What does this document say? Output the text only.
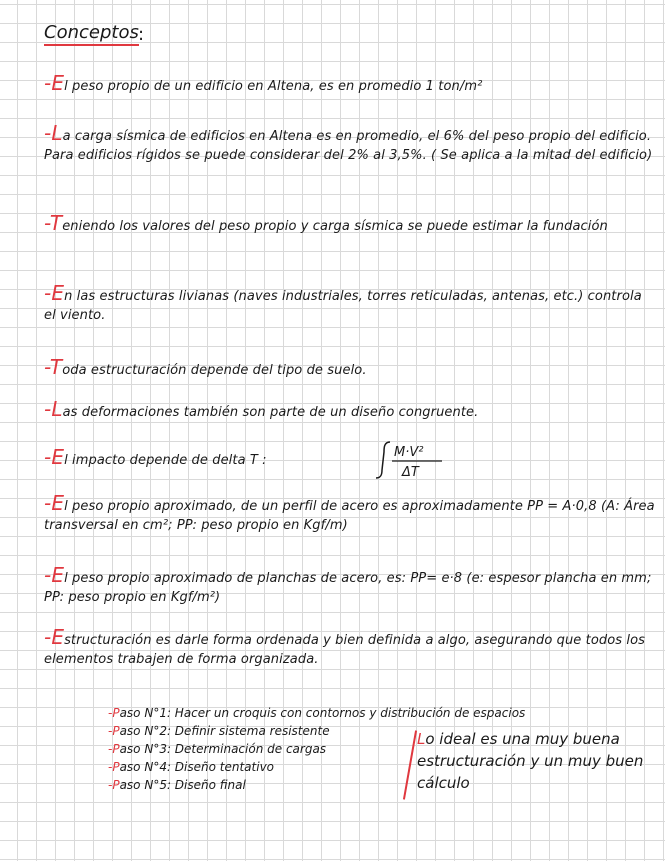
Conceptos :
-El peso propio de un edificio en Altena, es en promedio 1 ton/m²
-La carga sísmica de edificios en Altena es en promedio, el 6% del peso propio del edificio. Para edificios rígidos se puede considerar del 2% al 3,5%. ( Se aplica a la mitad del edificio)
-Teniendo los valores del peso propio y carga sísmica se puede estimar la fundación
-En las estructuras livianas (naves industriales, torres reticuladas, antenas, etc.) controla el viento.
-Toda estructuración depende del tipo de suelo.
-Las deformaciones también son parte de un diseño congruente.
-El impacto depende de delta T :
M·V²
ΔT
-El peso propio aproximado, de un perfil de acero es aproximadamente PP = A·0,8 (A: Área transversal en cm²; PP: peso propio en Kgf/m)
-El peso propio aproximado de planchas de acero, es: PP= e·8 (e: espesor plancha en mm; PP: peso propio en Kgf/m²)
-Estructuración es darle forma ordenada y bien definida a algo, asegurando que todos los elementos trabajen de forma organizada.
-Paso N°1: Hacer un croquis con contornos y distribución de espacios
-Paso N°2: Definir sistema resistente
-Paso N°3: Determinación de cargas
-Paso N°4: Diseño tentativo
-Paso N°5: Diseño final
Lo ideal es una muy buena estructuración y un muy buen cálculo
